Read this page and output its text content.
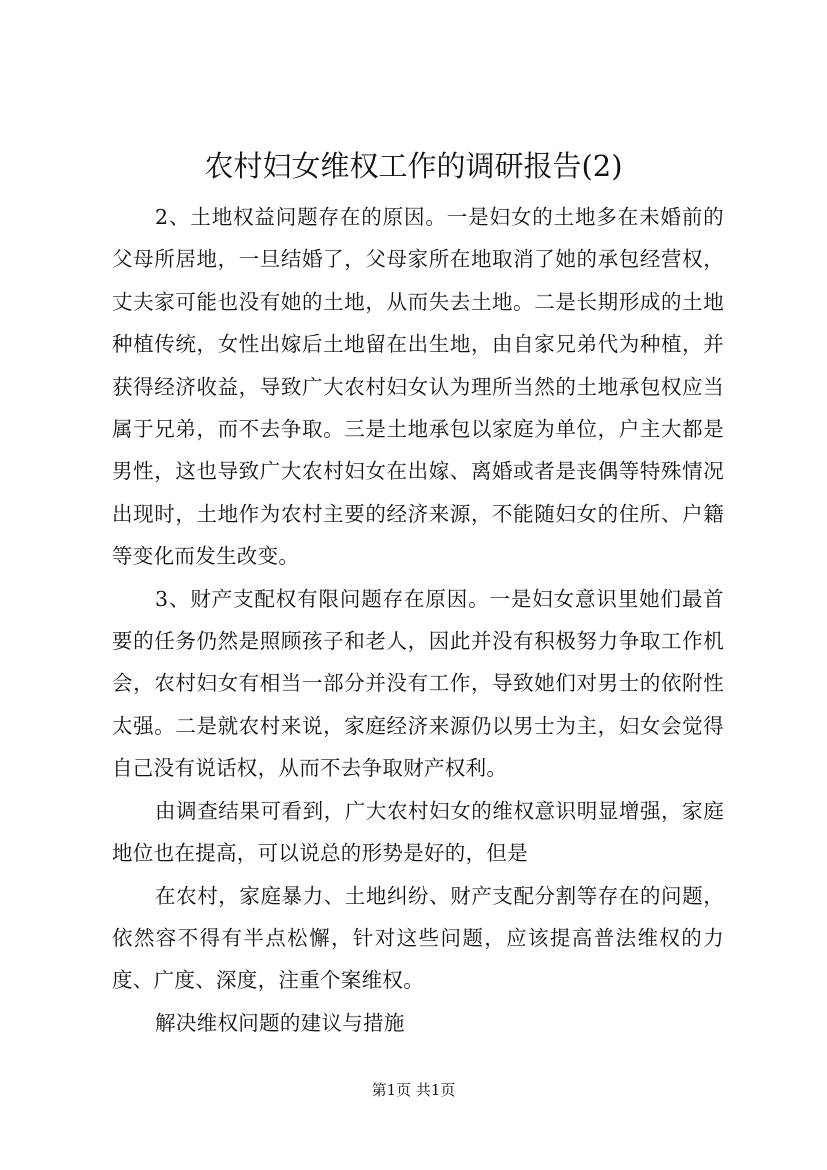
农村妇女维权工作的调研报告(2)

2、土地权益问题存在的原因。一是妇女的土地多在未婚前的父母所居地，一旦结婚了，父母家所在地取消了她的承包经营权，丈夫家可能也没有她的土地，从而失去土地。二是长期形成的土地种植传统，女性出嫁后土地留在出生地，由自家兄弟代为种植，并获得经济收益，导致广大农村妇女认为理所当然的土地承包权应当属于兄弟，而不去争取。三是土地承包以家庭为单位，户主大都是男性，这也导致广大农村妇女在出嫁、离婚或者是丧偶等特殊情况出现时，土地作为农村主要的经济来源，不能随妇女的住所、户籍等变化而发生改变。

3、财产支配权有限问题存在原因。一是妇女意识里她们最首要的任务仍然是照顾孩子和老人，因此并没有积极努力争取工作机会，农村妇女有相当一部分并没有工作，导致她们对男士的依附性太强。二是就农村来说，家庭经济来源仍以男士为主，妇女会觉得自己没有说话权，从而不去争取财产权利。

由调查结果可看到，广大农村妇女的维权意识明显增强，家庭地位也在提高，可以说总的形势是好的，但是

在农村，家庭暴力、土地纠纷、财产支配分割等存在的问题，依然容不得有半点松懈，针对这些问题，应该提高普法维权的力度、广度、深度，注重个案维权。

解决维权问题的建议与措施

第1页 共1页
